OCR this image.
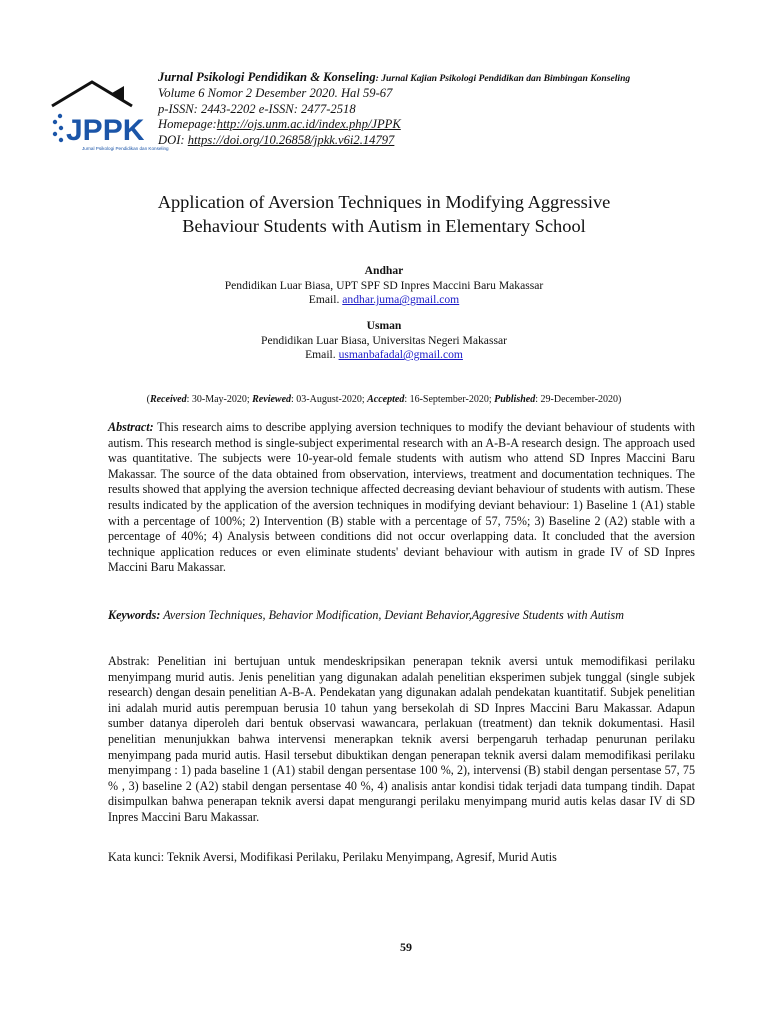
JPPK
Jurnal Psikologi Pendidikan dan Konseling
Jurnal Psikologi Pendidikan & Konseling: Jurnal Kajian Psikologi Pendidikan dan Bimbingan Konseling
Volume 6 Nomor 2 Desember 2020. Hal 59-67
p-ISSN: 2443-2202 e-ISSN: 2477-2518
Homepage:http://ojs.unm.ac.id/index.php/JPPK
DOI: https://doi.org/10.26858/jpkk.v6i2.14797
Application of Aversion Techniques in Modifying Aggressive
Behaviour Students with Autism in Elementary School
Andhar
Pendidikan Luar Biasa, UPT SPF SD Inpres Maccini Baru Makassar
Email. andhar.juma@gmail.com
Usman
Pendidikan Luar Biasa, Universitas Negeri Makassar
Email. usmanbafadal@gmail.com
(Received: 30-May-2020; Reviewed: 03-August-2020; Accepted: 16-September-2020; Published: 29-December-2020)
Abstract: This research aims to describe applying aversion techniques to modify the deviant behaviour of students with autism. This research method is single-subject experimental research with an A-B-A research design. The approach used was quantitative. The subjects were 10-year-old female students with autism who attend SD Inpres Maccini Baru Makassar. The source of the data obtained from observation, interviews, treatment and documentation techniques. The results showed that applying the aversion technique affected decreasing deviant behaviour of students with autism. These results indicated by the application of the aversion techniques in modifying deviant behaviour: 1) Baseline 1 (A1) stable with a percentage of 100%; 2) Intervention (B) stable with a percentage of 57, 75%; 3) Baseline 2 (A2) stable with a percentage of 40%; 4) Analysis between conditions did not occur overlapping data. It concluded that the aversion technique application reduces or even eliminate students' deviant behaviour with autism in grade IV of SD Inpres Maccini Baru Makassar.
Keywords: Aversion Techniques, Behavior Modification, Deviant Behavior,Aggresive Students with Autism
Abstrak: Penelitian ini bertujuan untuk mendeskripsikan penerapan teknik aversi untuk memodifikasi perilaku menyimpang murid autis. Jenis penelitian yang digunakan adalah penelitian eksperimen subjek tunggal (single subjek research) dengan desain penelitian A-B-A. Pendekatan yang digunakan adalah pendekatan kuantitatif. Subjek penelitian ini adalah murid autis perempuan berusia 10 tahun yang bersekolah di SD Inpres Maccini Baru Makassar. Adapun sumber datanya diperoleh dari bentuk observasi wawancara, perlakuan (treatment) dan teknik dokumentasi. Hasil penelitian menunjukkan bahwa intervensi menerapkan teknik aversi berpengaruh terhadap penurunan perilaku menyimpang pada murid autis. Hasil tersebut dibuktikan dengan penerapan teknik aversi dalam memodifikasi perilaku menyimpang : 1) pada baseline 1 (A1) stabil dengan persentase 100 %, 2), intervensi (B) stabil dengan persentase 57, 75 % , 3) baseline 2 (A2) stabil dengan persentase 40 %, 4) analisis antar kondisi tidak terjadi data tumpang tindih. Dapat disimpulkan bahwa penerapan teknik aversi dapat mengurangi perilaku menyimpang murid autis kelas dasar IV di SD Inpres Maccini Baru Makassar.
Kata kunci: Teknik Aversi, Modifikasi Perilaku, Perilaku Menyimpang, Agresif, Murid Autis
59
